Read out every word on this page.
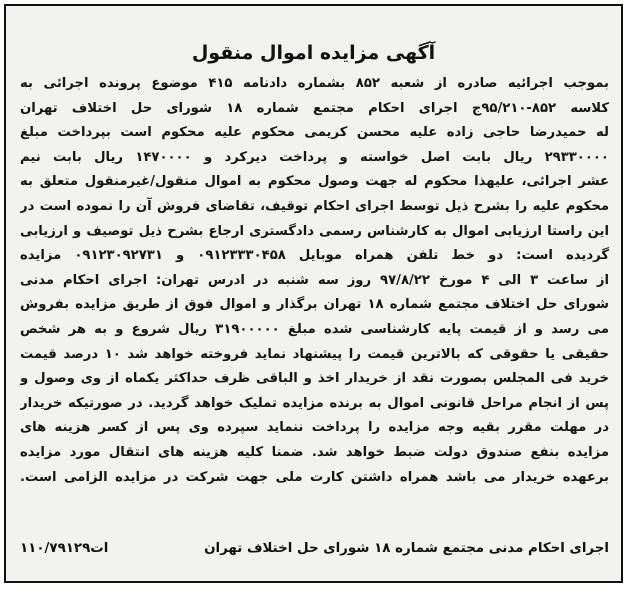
آگهی مزایده اموال منقول
بموجب اجرائیه صادره از شعبه ۸۵۲ بشماره دادنامه ۴۱۵ موضوع پرونده اجرائی به
کلاسه ۸۵۲-۹۵/۲۱۰ج اجرای احکام مجتمع شماره ۱۸ شورای حل اختلاف تهران
له حمیدرضا حاجی زاده علیه محسن کریمی محکوم علیه محکوم است بپرداخت مبلغ
۲۹۳۳۰۰۰۰ ریال بابت اصل خواسته و پرداخت دیرکرد و ۱۴۷۰۰۰۰ ریال بابت نیم
عشر اجرائی، علیهذا محکوم له جهت وصول محکوم به اموال منقول/غیرمنقول متعلق به
محکوم علیه را بشرح ذیل توسط اجرای احکام توقیف، تقاضای فروش آن را نموده است در
این راستا ارزیابی اموال به کارشناس رسمی دادگستری ارجاع بشرح ذیل توصیف و ارزیابی
گردیده است: دو خط تلفن همراه موبایل ۰۹۱۲۳۳۳۰۴۵۸ و ۰۹۱۲۳۰۹۲۷۳۱ مزایده
از ساعت ۳ الی ۴ مورخ ۹۷/۸/۲۲ روز سه شنبه در ادرس تهران: اجرای احکام مدنی
شورای حل اختلاف مجتمع شماره ۱۸ تهران برگذار و اموال فوق از طریق مزایده بفروش
می رسد و از قیمت پایه کارشناسی شده مبلغ ۳۱۹۰۰۰۰۰ ریال شروع و به هر شخص
حقیقی یا حقوقی که بالاترین قیمت را پیشنهاد نماید فروخته خواهد شد ۱۰ درصد قیمت
خرید فی المجلس بصورت نقد از خریدار اخذ و الباقی ظرف حداکثر یکماه از وی وصول و
پس از انجام مراحل قانونی اموال به برنده مزایده تملیک خواهد گردید. در صورتیکه خریدار
در مهلت مقرر بقیه وجه مزایده را پرداخت ننماید سپرده وی پس از کسر هزینه های
مزایده بنفع صندوق دولت ضبط خواهد شد. ضمنا کلیه هزینه های انتقال مورد مزایده
برعهده خریدار می باشد همراه داشتن کارت ملی جهت شرکت در مزایده الزامی است.
اجرای احکام مدنی مجتمع شماره ۱۸ شورای حل اختلاف تهران
۱۱۰/۷۹۱۲۹ات
